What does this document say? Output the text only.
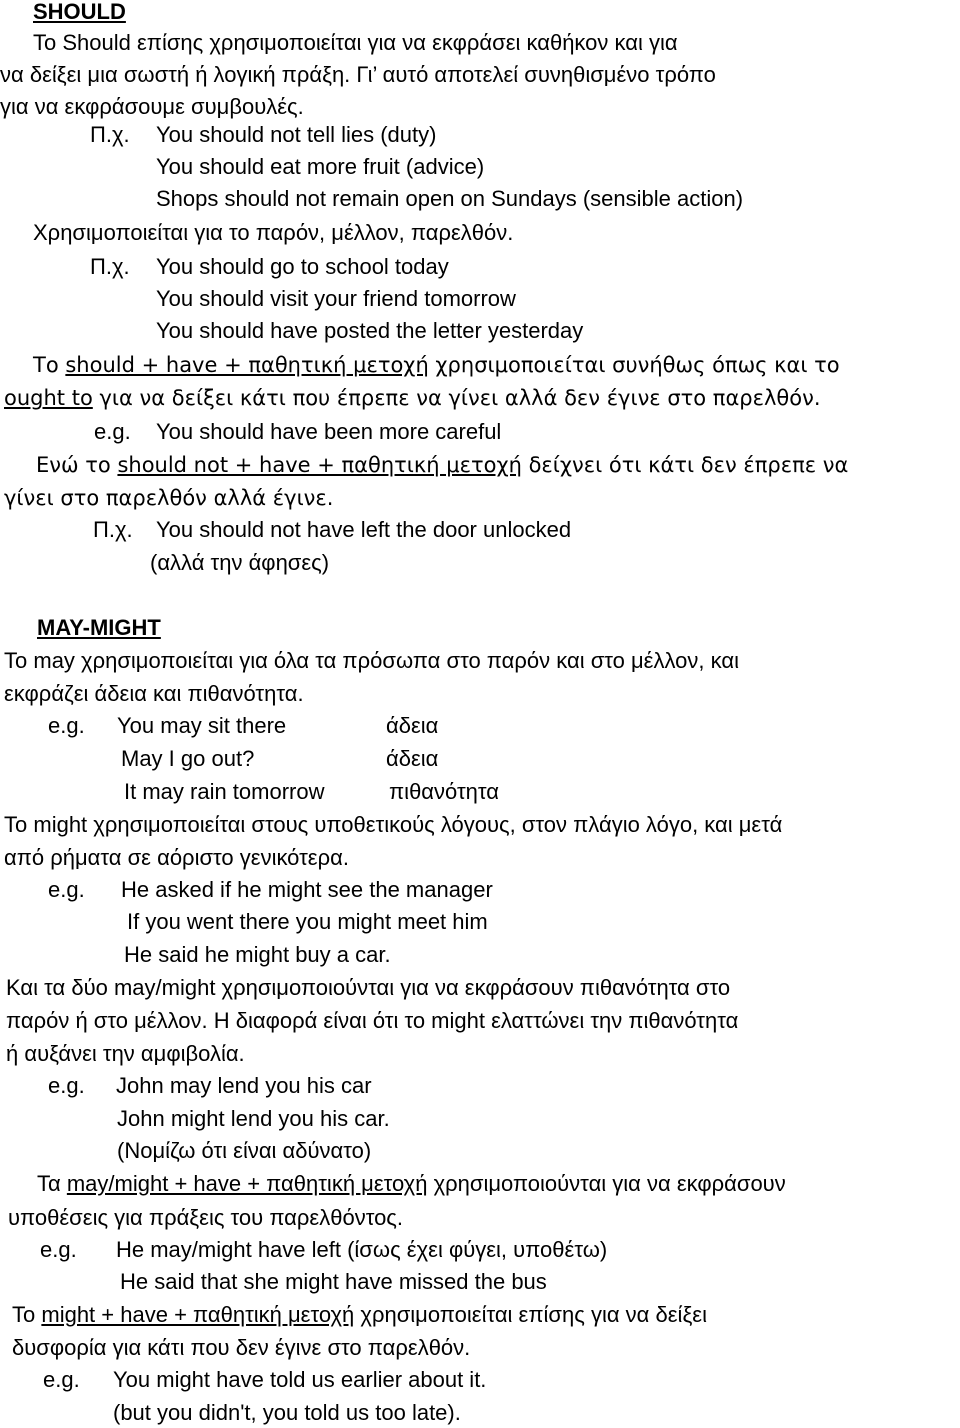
SHOULD
Το Should επίσης χρησιμοποιείται για να εκφράσει καθήκον και για
να δείξει μια σωστή ή λογική πράξη. Γι’ αυτό αποτελεί συνηθισμένο τρόπο
για να εκφράσουμε συμβουλές.
Π.χ. You should not tell lies (duty)
You should eat more fruit (advice)
Shops should not remain open on Sundays (sensible action)
Χρησιμοποιείται για το παρόν, μέλλον, παρελθόν.
Π.χ. You should go to school today
You should visit your friend tomorrow
You should have posted the letter yesterday
Το should + have + παθητική μετοχή χρησιμοποιείται συνήθως όπως και το
ought to για να δείξει κάτι που έπρεπε να γίνει αλλά δεν έγινε στο παρελθόν.
e.g. You should have been more careful
Ενώ το should not + have + παθητική μετοχή δείχνει ότι κάτι δεν έπρεπε να
γίνει στο παρελθόν αλλά έγινε.
Π.χ. You should not have left the door unlocked
(αλλά την άφησες)
MAY-MIGHT
Το may χρησιμοποιείται για όλα τα πρόσωπα στο παρόν και στο μέλλον, και
εκφράζει άδεια και πιθανότητα.
e.g. You may sit there	άδεια
May I go out?	άδεια
It may rain tomorrow	πιθανότητα
Το might χρησιμοποιείται στους υποθετικούς λόγους, στον πλάγιο λόγο, και μετά
από ρήματα σε αόριστο γενικότερα.
e.g. He asked if he might see the manager
If you went there you might meet him
He said he might buy a car.
Και τα δύο may/might χρησιμοποιούνται για να εκφράσουν πιθανότητα στο
παρόν ή στο μέλλον. Η διαφορά είναι ότι το might ελαττώνει την πιθανότητα
ή αυξάνει την αμφιβολία.
e.g. John may lend you his car
John might lend you his car.
(Νομίζω ότι είναι αδύνατο)
Τα may/might + have + παθητική μετοχή χρησιμοποιούνται για να εκφράσουν
υποθέσεις για πράξεις του παρελθόντος.
e.g. He may/might have left (ίσως έχει φύγει, υποθέτω)
He said that she might have missed the bus
Το might + have + παθητική μετοχή χρησιμοποιείται επίσης για να δείξει
δυσφορία για κάτι που δεν έγινε στο παρελθόν.
e.g. You might have told us earlier about it.
(but you didn't, you told us too late).
